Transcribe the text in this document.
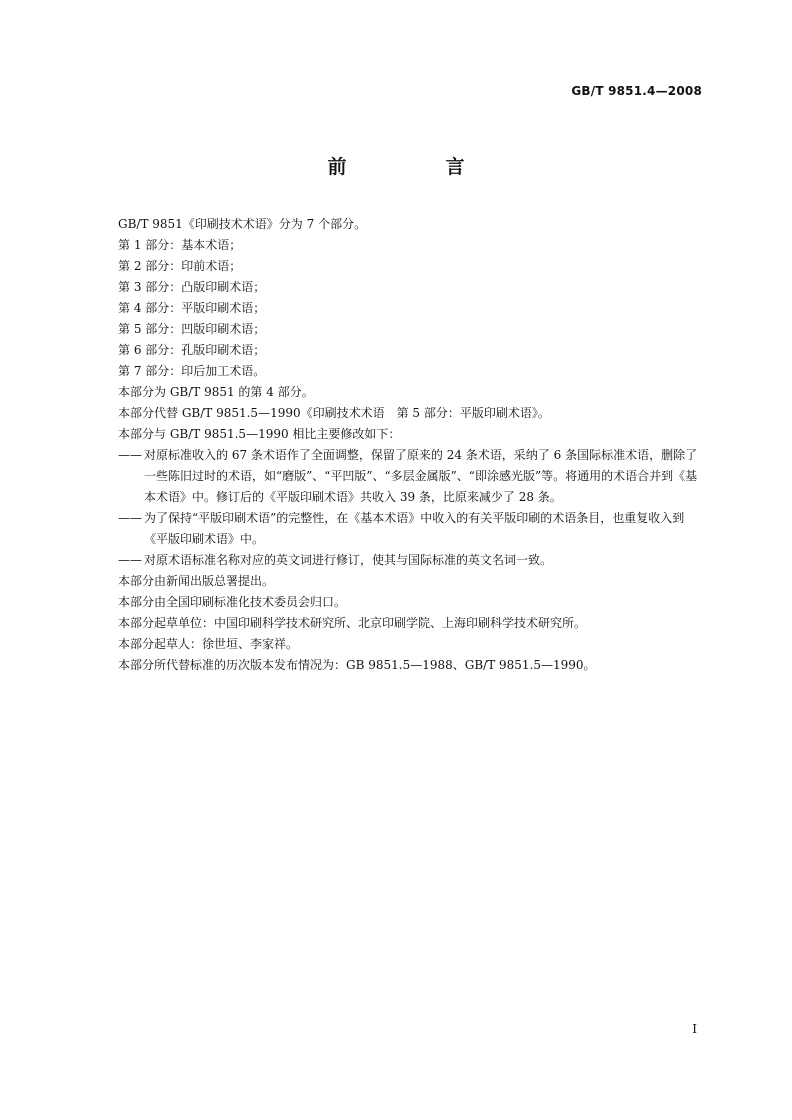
GB/T 9851.4—2008
前　言

GB/T 9851《印刷技术术语》分为 7 个部分。

第 1 部分：基本术语；

第 2 部分：印前术语；

第 3 部分：凸版印刷术语；

第 4 部分：平版印刷术语；

第 5 部分：凹版印刷术语；

第 6 部分：孔版印刷术语；

第 7 部分：印后加工术语。

本部分为 GB/T 9851 的第 4 部分。

本部分代替 GB/T 9851.5—1990《印刷技术术语　第 5 部分：平版印刷术语》。

本部分与 GB/T 9851.5—1990 相比主要修改如下：

—— 对原标准收入的 67 条术语作了全面调整，保留了原来的 24 条术语，采纳了 6 条国际标准术语，删除了一些陈旧过时的术语，如“磨版”、“平凹版”、“多层金属版”、“即涂感光版”等。将通用的术语合并到《基本术语》中。修订后的《平版印刷术语》共收入 39 条，比原来减少了 28 条。
—— 为了保持“平版印刷术语”的完整性，在《基本术语》中收入的有关平版印刷的术语条目，也重复收入到《平版印刷术语》中。
—— 对原术语标准名称对应的英文词进行修订，使其与国际标准的英文名词一致。

本部分由新闻出版总署提出。

本部分由全国印刷标准化技术委员会归口。

本部分起草单位：中国印刷科学技术研究所、北京印刷学院、上海印刷科学技术研究所。

本部分起草人：徐世垣、李家祥。

本部分所代替标准的历次版本发布情况为：GB 9851.5—1988、GB/T 9851.5—1990。

I
